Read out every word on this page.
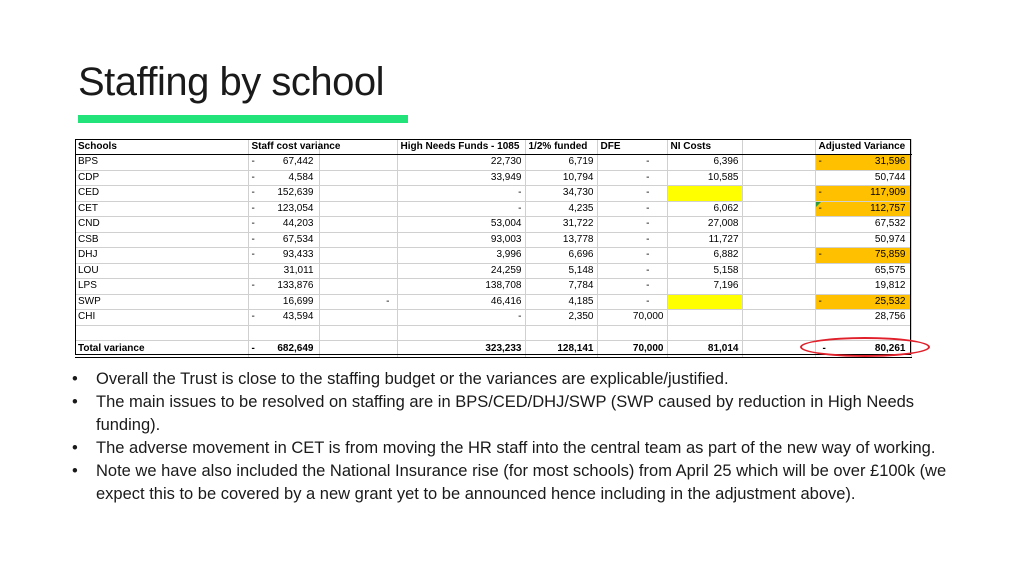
Staffing by school
Schools	Staff cost variance		High Needs Funds - 1085	1/2% funded	DFE	NI Costs		Adjusted Variance
BPS	- 67,442		22,730	6,719	-	6,396		- 31,596

CDP	- 4,584		33,949	10,794	-	10,585		50,744

CED	- 152,639		-	34,730	-			- 117,909

CET	- 123,054		-	4,235	-	6,062		- 112,757

CND	- 44,203		53,004	31,722	-	27,008		67,532

CSB	- 67,534		93,003	13,778	-	11,727		50,974

DHJ	- 93,433		3,996	6,696	-	6,882		- 75,859

LOU	31,011		24,259	5,148	-	5,158		65,575

LPS	- 133,876		138,708	7,784	-	7,196		19,812

SWP	16,699	-	46,416	4,185	-			- 25,532

CHI	- 43,594		-	2,350	70,000			28,756

Total variance	- 682,649		323,233	128,141	70,000	81,014		- 80,261
• Overall the Trust is close to the staffing budget or the variances are explicable/justified.
• The main issues to be resolved on staffing are in BPS/CED/DHJ/SWP (SWP caused by reduction in High Needs funding).
• The adverse movement in CET is from moving the HR staff into the central team as part of the new way of working.
• Note we have also included the National Insurance rise (for most schools) from April 25 which will be over £100k (we expect this to be covered by a new grant yet to be announced hence including in the adjustment above).
